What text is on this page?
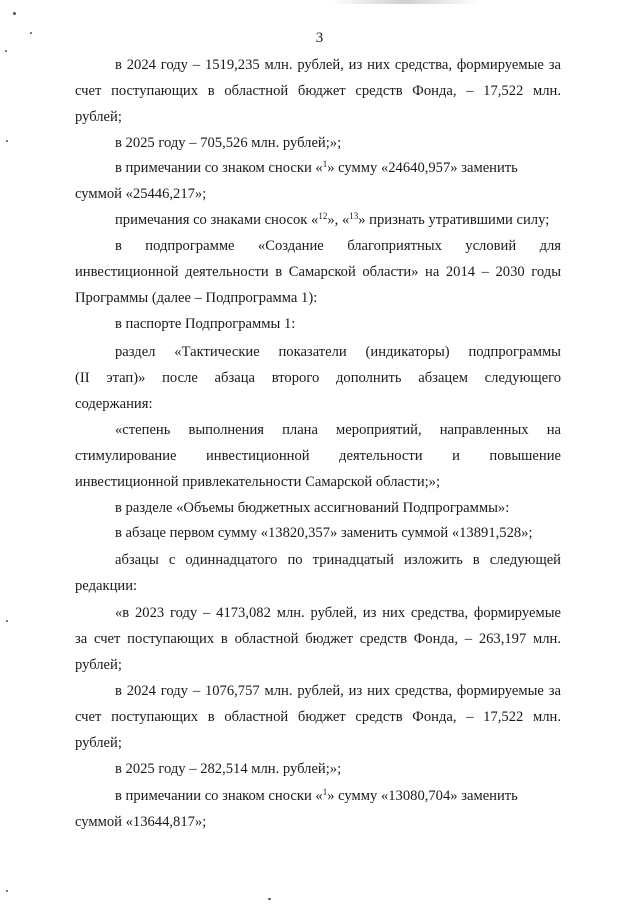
3
в 2024 году – 1519,235 млн. рублей, из них средства, формируемые за
счет поступающих в областной бюджет средств Фонда, – 17,522 млн.
рублей;
в 2025 году – 705,526 млн. рублей;»;
в примечании со знаком сноски «$^1$» сумму «24640,957» заменить
суммой «25446,217»;
примечания со знаками сносок «$^{12}$», «$^{13}$» признать утратившими силу;
в подпрограмме «Создание благоприятных условий для
инвестиционной деятельности в Самарской области» на 2014 – 2030 годы
Программы (далее – Подпрограмма 1):
в паспорте Подпрограммы 1:
раздел «Тактические показатели (индикаторы) подпрограммы
(II этап)» после абзаца второго дополнить абзацем следующего
содержания:
«степень выполнения плана мероприятий, направленных на
стимулирование инвестиционной деятельности и повышение
инвестиционной привлекательности Самарской области;»;
в разделе «Объемы бюджетных ассигнований Подпрограммы»:
в абзаце первом сумму «13820,357» заменить суммой «13891,528»;
абзацы с одиннадцатого по тринадцатый изложить в следующей
редакции:
«в 2023 году – 4173,082 млн. рублей, из них средства, формируемые
за счет поступающих в областной бюджет средств Фонда, – 263,197 млн.
рублей;
в 2024 году – 1076,757 млн. рублей, из них средства, формируемые за
счет поступающих в областной бюджет средств Фонда, – 17,522 млн.
рублей;
в 2025 году – 282,514 млн. рублей;»;
в примечании со знаком сноски «$^1$» сумму «13080,704» заменить
суммой «13644,817»;
